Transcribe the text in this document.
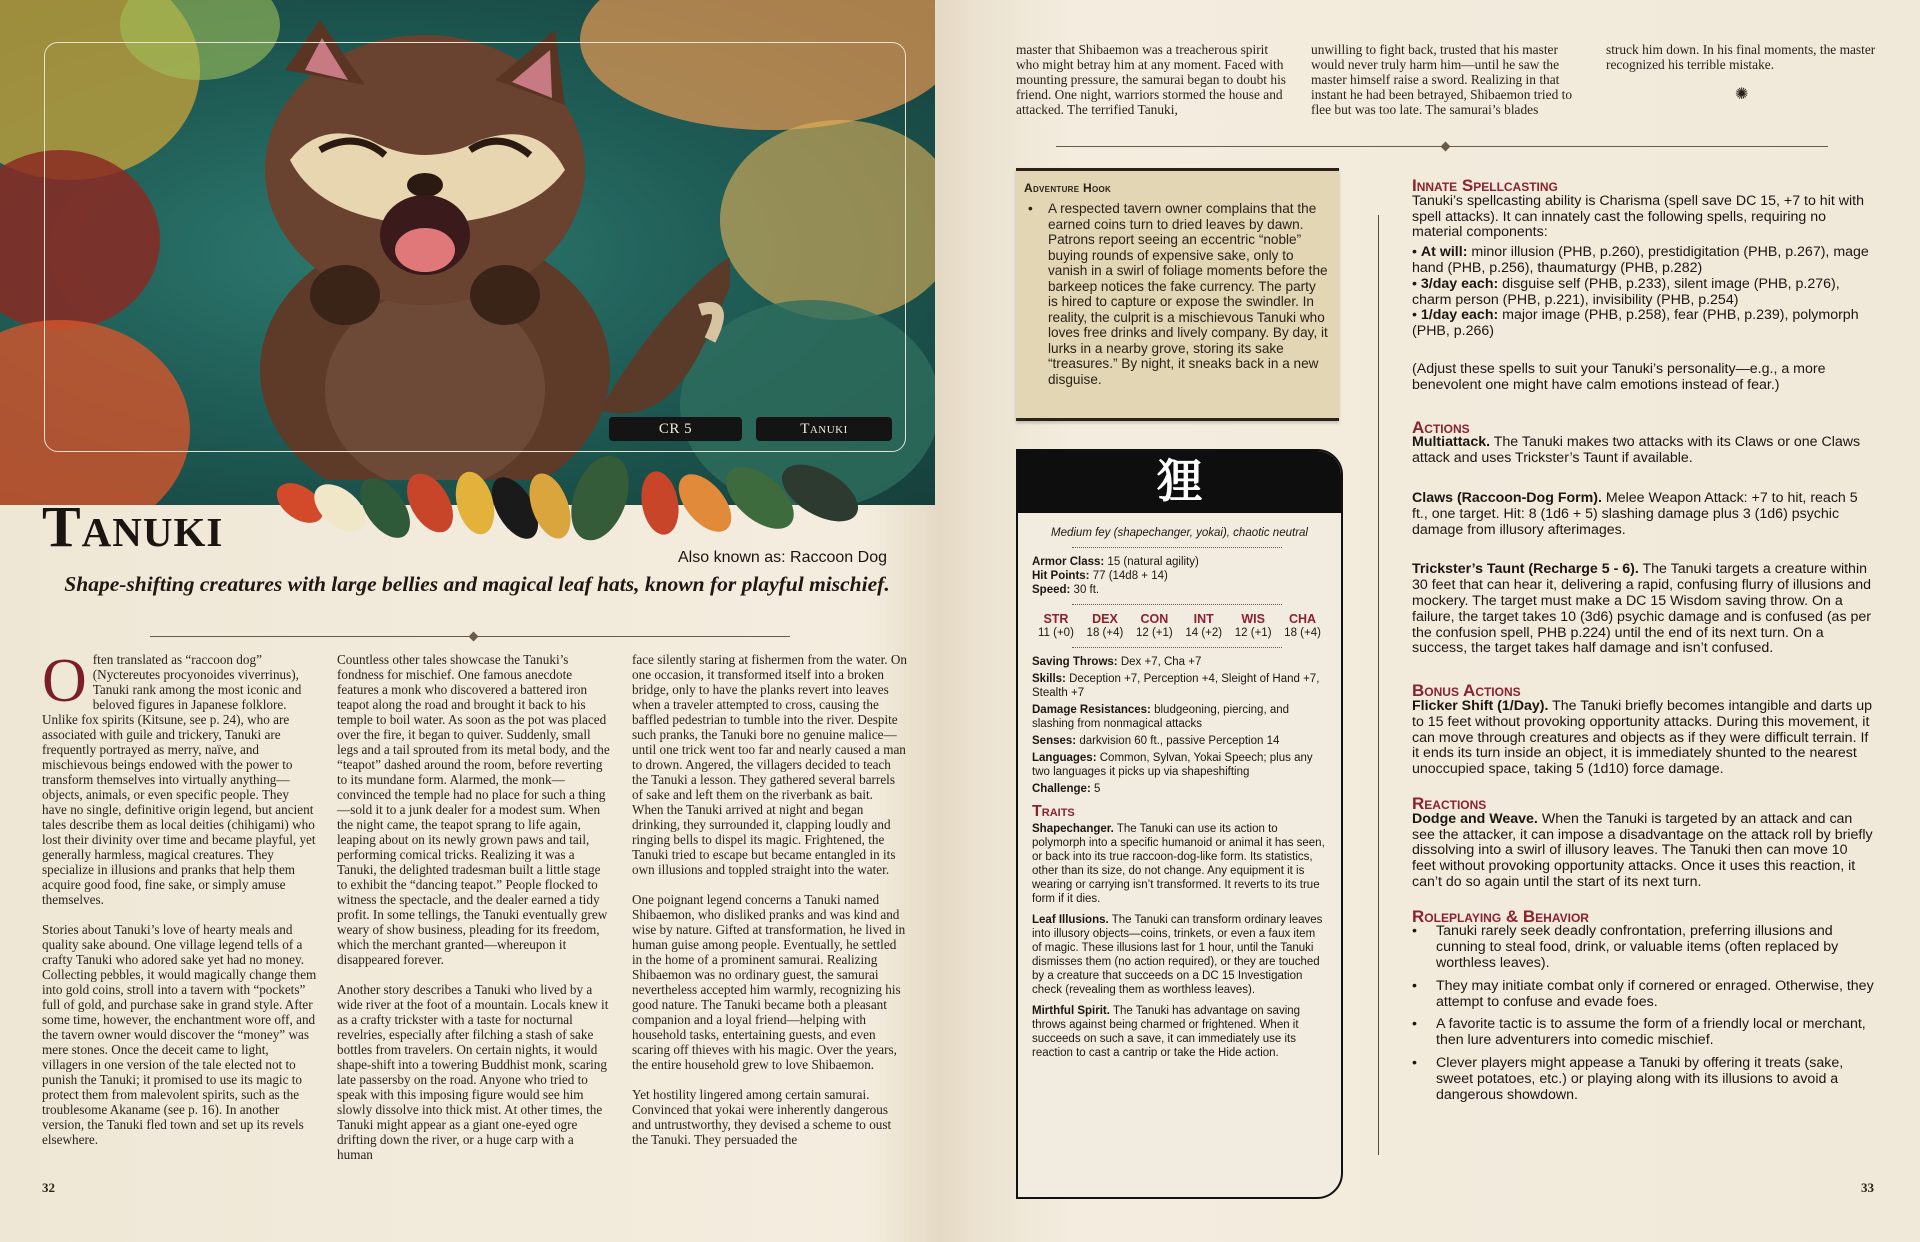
CR 5	Tanuki
Tanuki	Also known as: Raccoon Dog
Shape-shifting creatures with large bellies and magical leaf hats, known for playful mischief.

Often translated as “raccoon dog” (Nyctereutes procyonoides viverrinus), Tanuki rank among the most iconic and beloved figures in Japanese folklore. Unlike fox spirits (Kitsune, see p. 24), who are associated with guile and trickery, Tanuki are frequently portrayed as merry, naïve, and mischievous beings endowed with the power to transform themselves into virtually anything—objects, animals, or even specific people. They have no single, definitive origin legend, but ancient tales describe them as local deities (chihigami) who lost their divinity over time and became playful, yet generally harmless, magical creatures. They specialize in illusions and pranks that help them acquire good food, fine sake, or simply amuse themselves.

Stories about Tanuki’s love of hearty meals and quality sake abound. One village legend tells of a crafty Tanuki who adored sake yet had no money. Collecting pebbles, it would magically change them into gold coins, stroll into a tavern with “pockets” full of gold, and purchase sake in grand style. After some time, however, the enchantment wore off, and the tavern owner would discover the “money” was mere stones. Once the deceit came to light, villagers in one version of the tale elected not to punish the Tanuki; it promised to use its magic to protect them from malevolent spirits, such as the troublesome Akaname (see p. 16). In another version, the Tanuki fled town and set up its revels elsewhere.

Countless other tales showcase the Tanuki’s fondness for mischief. One famous anecdote features a monk who discovered a battered iron teapot along the road and brought it back to his temple to boil water. As soon as the pot was placed over the fire, it began to quiver. Suddenly, small legs and a tail sprouted from its metal body, and the “teapot” dashed around the room, before reverting to its mundane form. Alarmed, the monk—convinced the temple had no place for such a thing—sold it to a junk dealer for a modest sum. When the night came, the teapot sprang to life again, leaping about on its newly grown paws and tail, performing comical tricks. Realizing it was a Tanuki, the delighted tradesman built a little stage to exhibit the “dancing teapot.” People flocked to witness the spectacle, and the dealer earned a tidy profit. In some tellings, the Tanuki eventually grew weary of show business, pleading for its freedom, which the merchant granted—whereupon it disappeared forever.

Another story describes a Tanuki who lived by a wide river at the foot of a mountain. Locals knew it as a crafty trickster with a taste for nocturnal revelries, especially after filching a stash of sake bottles from travelers. On certain nights, it would shape-shift into a towering Buddhist monk, scaring late passersby on the road. Anyone who tried to speak with this imposing figure would see him slowly dissolve into thick mist. At other times, the Tanuki might appear as a giant one-eyed ogre drifting down the river, or a huge carp with a human

face silently staring at fishermen from the water. On one occasion, it transformed itself into a broken bridge, only to have the planks revert into leaves when a traveler attempted to cross, causing the baffled pedestrian to tumble into the river. Despite such pranks, the Tanuki bore no genuine malice—until one trick went too far and nearly caused a man to drown. Angered, the villagers decided to teach the Tanuki a lesson. They gathered several barrels of sake and left them on the riverbank as bait. When the Tanuki arrived at night and began drinking, they surrounded it, clapping loudly and ringing bells to dispel its magic. Frightened, the Tanuki tried to escape but became entangled in its own illusions and toppled straight into the water.

One poignant legend concerns a Tanuki named Shibaemon, who disliked pranks and was kind and wise by nature. Gifted at transformation, he lived in human guise among people. Eventually, he settled in the home of a prominent samurai. Realizing Shibaemon was no ordinary guest, the samurai nevertheless accepted him warmly, recognizing his good nature. The Tanuki became both a pleasant companion and a loyal friend—helping with household tasks, entertaining guests, and even scaring off thieves with his magic. Over the years, the entire household grew to love Shibaemon.

Yet hostility lingered among certain samurai. Convinced that yokai were inherently dangerous and untrustworthy, they devised a scheme to oust the Tanuki. They persuaded the

32
master that Shibaemon was a treacherous spirit who might betray him at any moment. Faced with mounting pressure, the samurai began to doubt his friend. One night, warriors stormed the house and attacked. The terrified Tanuki,
unwilling to fight back, trusted that his master would never truly harm him—until he saw the master himself raise a sword. Realizing in that instant he had been betrayed, Shibaemon tried to flee but was too late. The samurai’s blades
struck him down. In his final moments, the master recognized his terrible mistake.
✺
Adventure Hook
• A respected tavern owner complains that the earned coins turn to dried leaves by dawn. Patrons report seeing an eccentric “noble” buying rounds of expensive sake, only to vanish in a swirl of foliage moments before the barkeep notices the fake currency. The party is hired to capture or expose the swindler. In reality, the culprit is a mischievous Tanuki who loves free drinks and lively company. By day, it lurks in a nearby grove, storing its sake “treasures.” By night, it sneaks back in a new disguise.
狸
Medium fey (shapechanger, yokai), chaotic neutral
Armor Class: 15 (natural agility)
Hit Points: 77 (14d8 + 14)
Speed: 30 ft.
STR
11 (+0)
DEX
18 (+4)
CON
12 (+1)
INT
14 (+2)
WIS
12 (+1)
CHA
18 (+4)
Saving Throws: Dex +7, Cha +7
Skills: Deception +7, Perception +4, Sleight of Hand +7, Stealth +7
Damage Resistances: bludgeoning, piercing, and slashing from nonmagical attacks
Senses: darkvision 60 ft., passive Perception 14
Languages: Common, Sylvan, Yokai Speech; plus any two languages it picks up via shapeshifting
Challenge: 5
Traits
Shapechanger. The Tanuki can use its action to polymorph into a specific humanoid or animal it has seen, or back into its true raccoon-dog-like form. Its statistics, other than its size, do not change. Any equipment it is wearing or carrying isn’t transformed. It reverts to its true form if it dies.
Leaf Illusions. The Tanuki can transform ordinary leaves into illusory objects—coins, trinkets, or even a faux item of magic. These illusions last for 1 hour, until the Tanuki dismisses them (no action required), or they are touched by a creature that succeeds on a DC 15 Investigation check (revealing them as worthless leaves).
Mirthful Spirit. The Tanuki has advantage on saving throws against being charmed or frightened. When it succeeds on such a save, it can immediately use its reaction to cast a cantrip or take the Hide action.
Innate Spellcasting
Tanuki’s spellcasting ability is Charisma (spell save DC 15, +7 to hit with spell attacks). It can innately cast the following spells, requiring no material components:
• At will: minor illusion (PHB, p.260), prestidigitation (PHB, p.267), mage hand (PHB, p.256), thaumaturgy (PHB, p.282)
• 3/day each: disguise self (PHB, p.233), silent image (PHB, p.276), charm person (PHB, p.221), invisibility (PHB, p.254)
• 1/day each: major image (PHB, p.258), fear (PHB, p.239), polymorph (PHB, p.266)
(Adjust these spells to suit your Tanuki’s personality—e.g., a more benevolent one might have calm emotions instead of fear.)
Actions
Multiattack. The Tanuki makes two attacks with its Claws or one Claws attack and uses Trickster’s Taunt if available.
Claws (Raccoon-Dog Form). Melee Weapon Attack: +7 to hit, reach 5 ft., one target. Hit: 8 (1d6 + 5) slashing damage plus 3 (1d6) psychic damage from illusory afterimages.
Trickster’s Taunt (Recharge 5 - 6). The Tanuki targets a creature within 30 feet that can hear it, delivering a rapid, confusing flurry of illusions and mockery. The target must make a DC 15 Wisdom saving throw. On a failure, the target takes 10 (3d6) psychic damage and is confused (as per the confusion spell, PHB p.224) until the end of its next turn. On a success, the target takes half damage and isn’t confused.
Bonus Actions
Flicker Shift (1/Day). The Tanuki briefly becomes intangible and darts up to 15 feet without provoking opportunity attacks. During this movement, it can move through creatures and objects as if they were difficult terrain. If it ends its turn inside an object, it is immediately shunted to the nearest unoccupied space, taking 5 (1d10) force damage.
Reactions
Dodge and Weave. When the Tanuki is targeted by an attack and can see the attacker, it can impose a disadvantage on the attack roll by briefly dissolving into a swirl of illusory leaves. The Tanuki then can move 10 feet without provoking opportunity attacks. Once it uses this reaction, it can’t do so again until the start of its next turn.
Roleplaying & Behavior
• Tanuki rarely seek deadly confrontation, preferring illusions and cunning to steal food, drink, or valuable items (often replaced by worthless leaves).
• They may initiate combat only if cornered or enraged. Otherwise, they attempt to confuse and evade foes.
• A favorite tactic is to assume the form of a friendly local or merchant, then lure adventurers into comedic mischief.
• Clever players might appease a Tanuki by offering it treats (sake, sweet potatoes, etc.) or playing along with its illusions to avoid a dangerous showdown.
33
